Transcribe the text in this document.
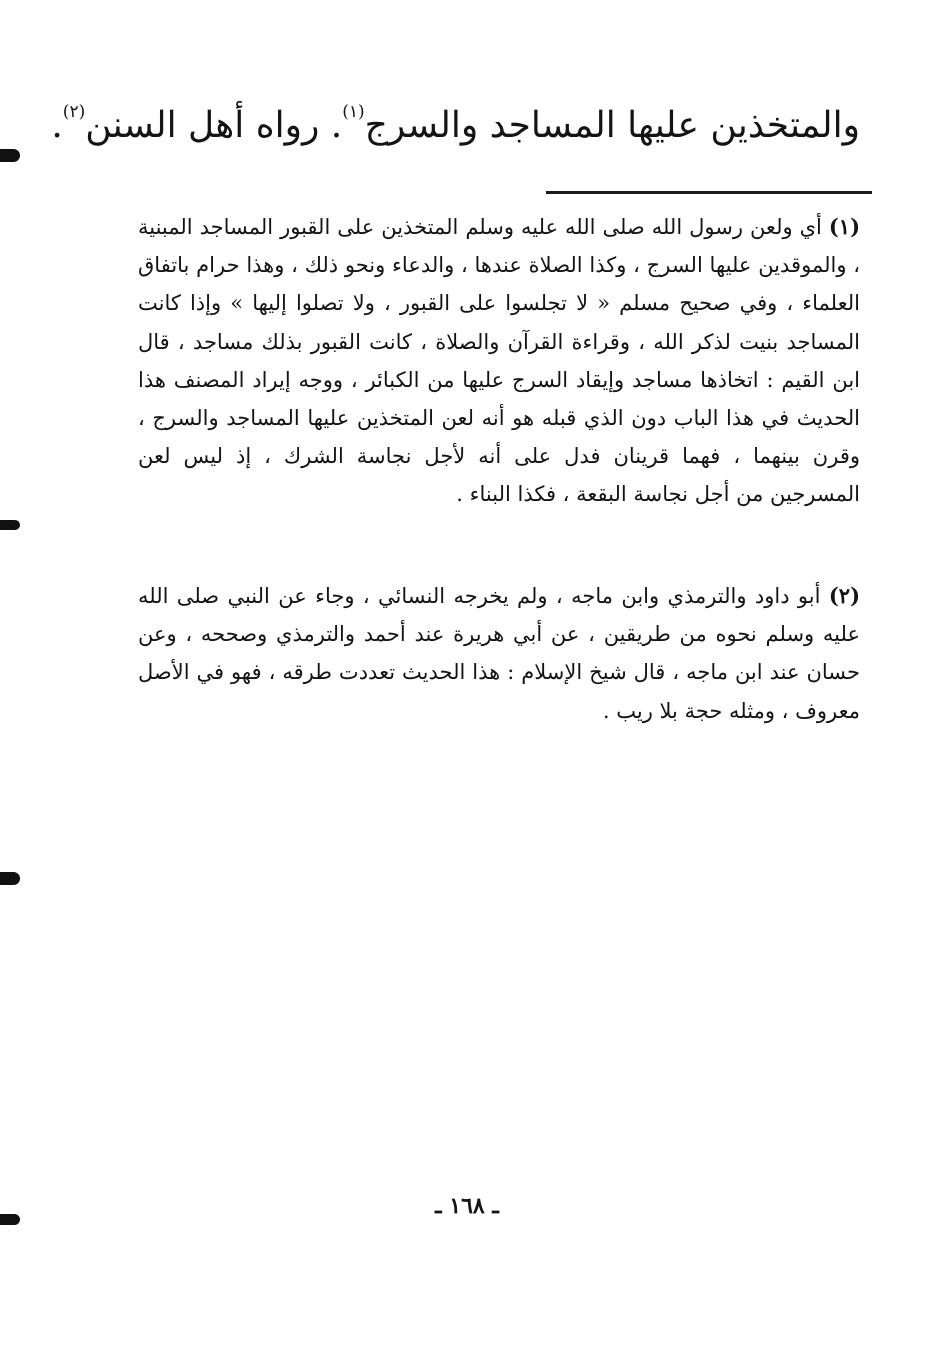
والمتخذين عليها المساجد والسرج$^{(١)}$. رواه أهل السنن$^{(٢)}$.
(١) أي ولعن رسول الله صلى الله عليه وسلم المتخذين على القبور المساجد المبنية ، والموقدين عليها السرج ، وكذا الصلاة عندها ، والدعاء ونحو ذلك ، وهذا حرام باتفاق العلماء ، وفي صحيح مسلم « لا تجلسوا على القبور ، ولا تصلوا إليها » وإذا كانت المساجد بنيت لذكر الله ، وقراءة القرآن والصلاة ، كانت القبور بذلك مساجد ، قال ابن القيم : اتخاذها مساجد وإيقاد السرج عليها من الكبائر ، ووجه إيراد المصنف هذا الحديث في هذا الباب دون الذي قبله هو أنه لعن المتخذين عليها المساجد والسرج ، وقرن بينهما ، فهما قرينان فدل على أنه لأجل نجاسة الشرك ، إذ ليس لعن المسرجين من أجل نجاسة البقعة ، فكذا البناء .
(٢) أبو داود والترمذي وابن ماجه ، ولم يخرجه النسائي ، وجاء عن النبي صلى الله عليه وسلم نحوه من طريقين ، عن أبي هريرة عند أحمد والترمذي وصححه ، وعن حسان عند ابن ماجه ، قال شيخ الإسلام : هذا الحديث تعددت طرقه ، فهو في الأصل معروف ، ومثله حجة بلا ريب .
ـ ١٦٨ ـ
